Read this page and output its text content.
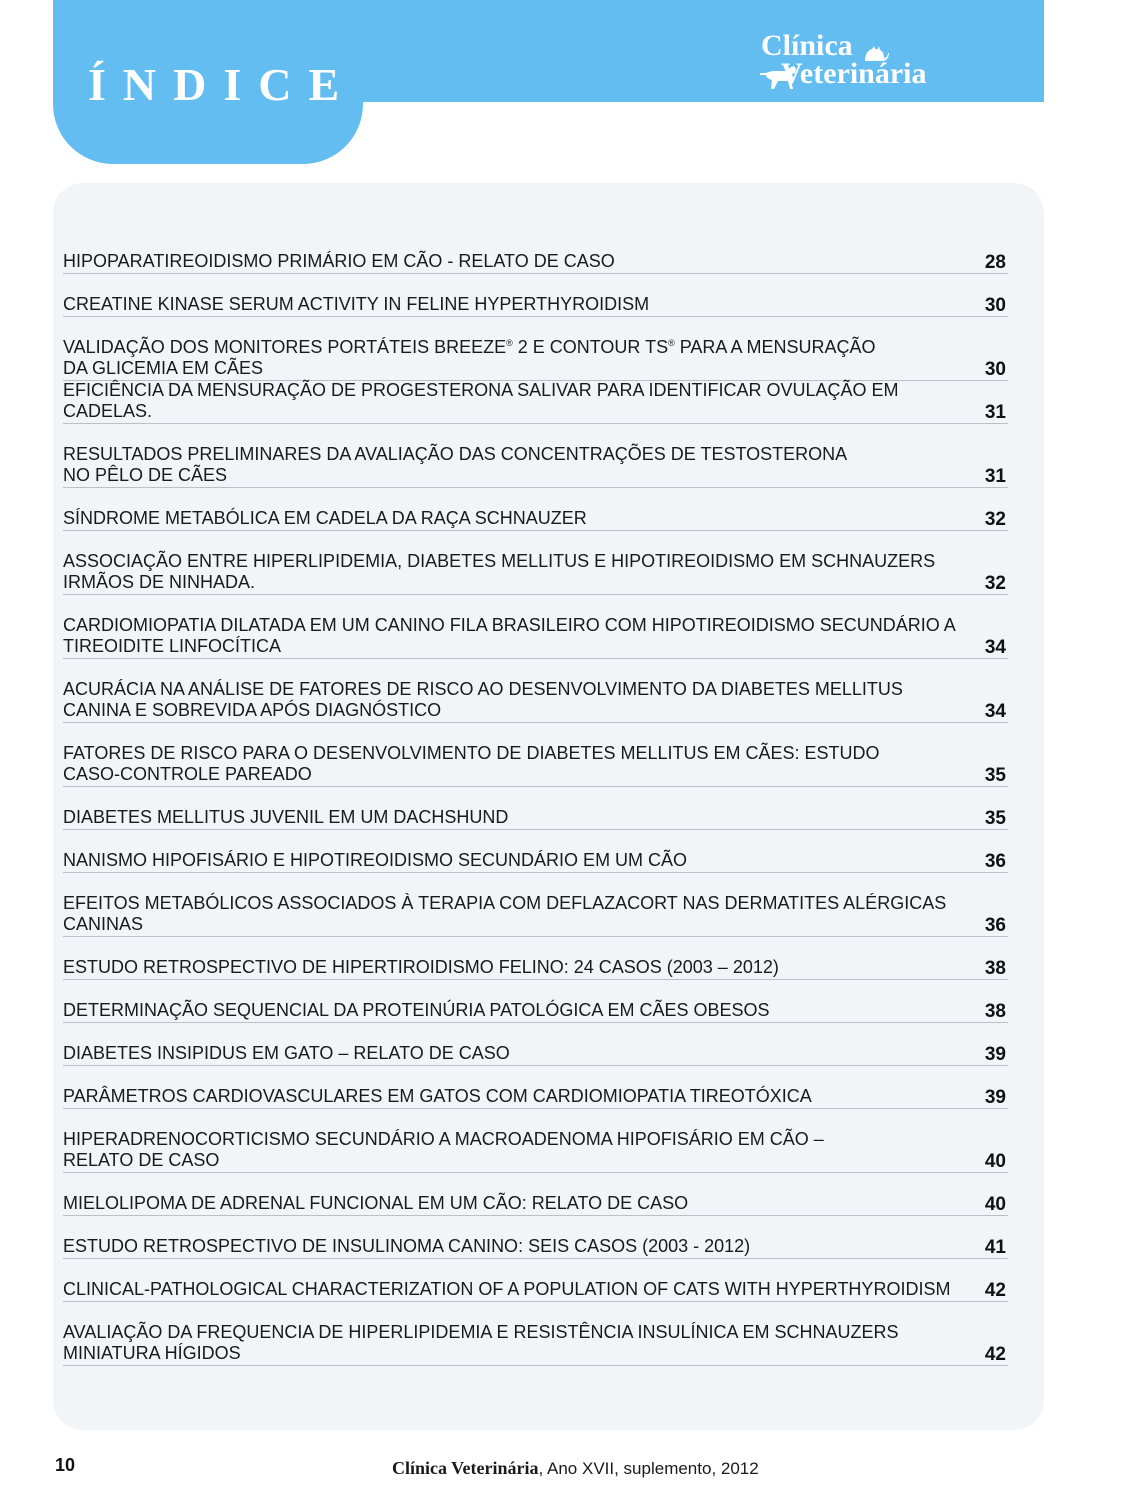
ÍNDICE
Clínica
Veterinária
HIPOPARATIREOIDISMO PRIMÁRIO EM CÃO - RELATO DE CASO	28
CREATINE KINASE SERUM ACTIVITY IN FELINE HYPERTHYROIDISM	30
VALIDAÇÃO DOS MONITORES PORTÁTEIS BREEZE® 2 E CONTOUR TS® PARA A MENSURAÇÃO
DA GLICEMIA EM CÃES	30
EFICIÊNCIA DA MENSURAÇÃO DE PROGESTERONA SALIVAR PARA IDENTIFICAR OVULAÇÃO EM CADELAS.	31
RESULTADOS PRELIMINARES DA AVALIAÇÃO DAS CONCENTRAÇÕES DE TESTOSTERONA
NO PÊLO DE CÃES	31
SÍNDROME METABÓLICA EM CADELA DA RAÇA SCHNAUZER	32
ASSOCIAÇÃO ENTRE HIPERLIPIDEMIA, DIABETES MELLITUS E HIPOTIREOIDISMO EM SCHNAUZERS
IRMÃOS DE NINHADA.	32
CARDIOMIOPATIA DILATADA EM UM CANINO FILA BRASILEIRO COM HIPOTIREOIDISMO SECUNDÁRIO A
TIREOIDITE LINFOCÍTICA	34
ACURÁCIA NA ANÁLISE DE FATORES DE RISCO AO DESENVOLVIMENTO DA DIABETES MELLITUS
CANINA E SOBREVIDA APÓS DIAGNÓSTICO	34
FATORES DE RISCO PARA O DESENVOLVIMENTO DE DIABETES MELLITUS EM CÃES: ESTUDO
CASO-CONTROLE PAREADO	35
DIABETES MELLITUS JUVENIL EM UM DACHSHUND	35
NANISMO HIPOFISÁRIO E HIPOTIREOIDISMO SECUNDÁRIO EM UM CÃO	36
EFEITOS METABÓLICOS ASSOCIADOS À TERAPIA COM DEFLAZACORT NAS DERMATITES ALÉRGICAS
CANINAS	36
ESTUDO RETROSPECTIVO DE HIPERTIROIDISMO FELINO: 24 CASOS (2003 – 2012)	38
DETERMINAÇÃO SEQUENCIAL DA PROTEINÚRIA PATOLÓGICA EM CÃES OBESOS	38
DIABETES INSIPIDUS EM GATO – RELATO DE CASO	39
PARÂMETROS CARDIOVASCULARES EM GATOS COM CARDIOMIOPATIA TIREOTÓXICA	39
HIPERADRENOCORTICISMO SECUNDÁRIO A MACROADENOMA HIPOFISÁRIO EM CÃO –
RELATO DE CASO	40
MIELOLIPOMA DE ADRENAL FUNCIONAL EM UM CÃO: RELATO DE CASO	40
ESTUDO RETROSPECTIVO DE INSULINOMA CANINO: SEIS CASOS (2003 - 2012)	41
CLINICAL-PATHOLOGICAL CHARACTERIZATION OF A POPULATION OF CATS WITH HYPERTHYROIDISM	42
AVALIAÇÃO DA FREQUENCIA DE HIPERLIPIDEMIA E RESISTÊNCIA INSULÍNICA EM SCHNAUZERS
MINIATURA HÍGIDOS	42
10	Clínica Veterinária, Ano XVII, suplemento, 2012
